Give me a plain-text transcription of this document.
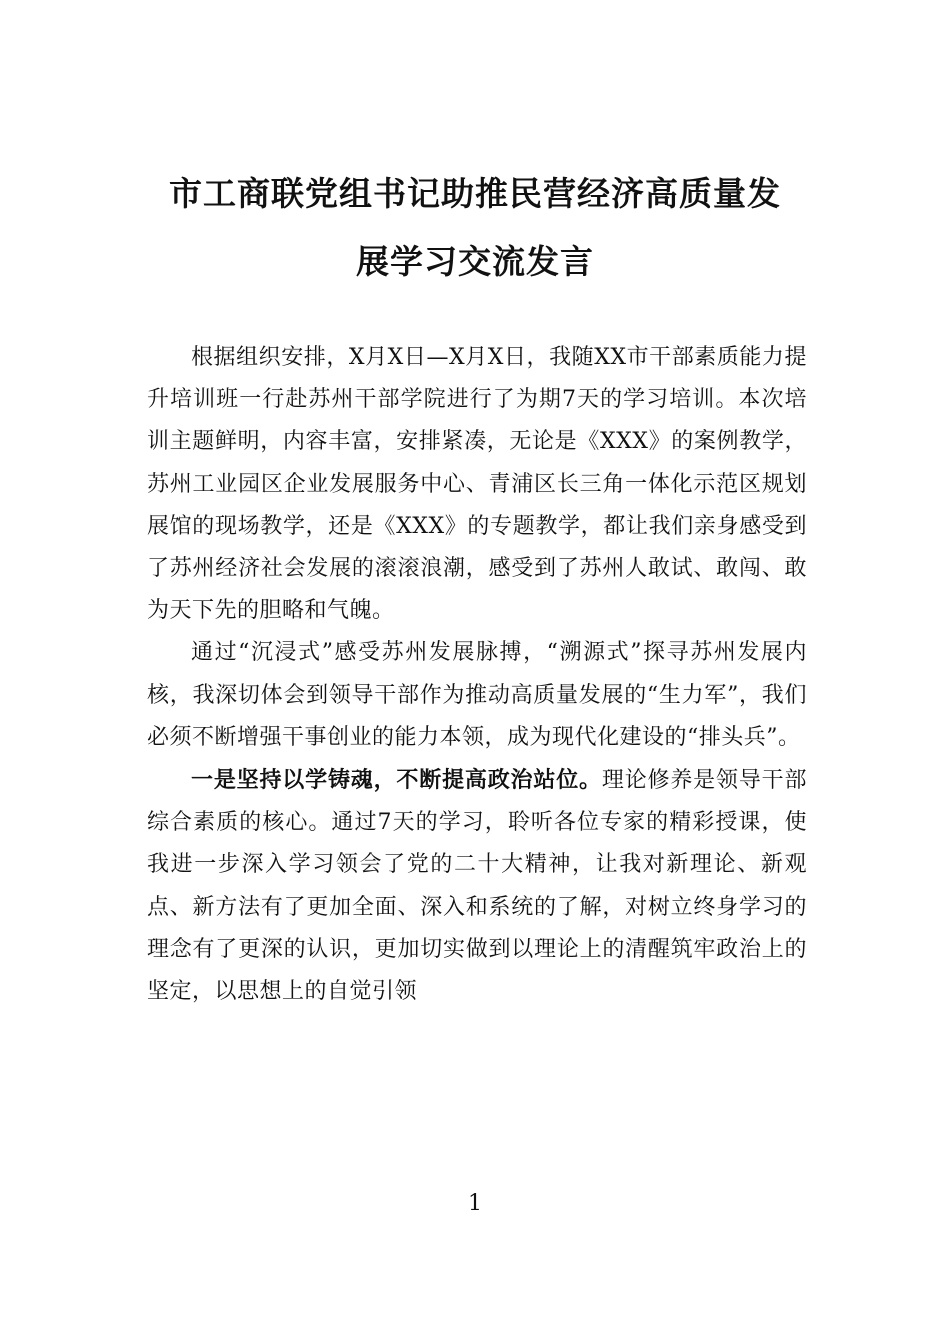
市工商联党组书记助推民营经济高质量发
展学习交流发言

根据组织安排，X月X日—X月X日，我随XX市干部素质能力提升培训班一行赴苏州干部学院进行了为期7天的学习培训。本次培训主题鲜明，内容丰富，安排紧凑，无论是《XXX》的案例教学，苏州工业园区企业发展服务中心、青浦区长三角一体化示范区规划展馆的现场教学，还是《XXX》的专题教学，都让我们亲身感受到了苏州经济社会发展的滚滚浪潮，感受到了苏州人敢试、敢闯、敢为天下先的胆略和气魄。

通过“沉浸式”感受苏州发展脉搏，“溯源式”探寻苏州发展内核，我深切体会到领导干部作为推动高质量发展的“生力军”，我们必须不断增强干事创业的能力本领，成为现代化建设的“排头兵”。

一是坚持以学铸魂，不断提高政治站位。理论修养是领导干部综合素质的核心。通过7天的学习，聆听各位专家的精彩授课，使我进一步深入学习领会了党的二十大精神，让我对新理论、新观点、新方法有了更加全面、深入和系统的了解，对树立终身学习的理念有了更深的认识，更加切实做到以理论上的清醒筑牢政治上的坚定，以思想上的自觉引领

1
